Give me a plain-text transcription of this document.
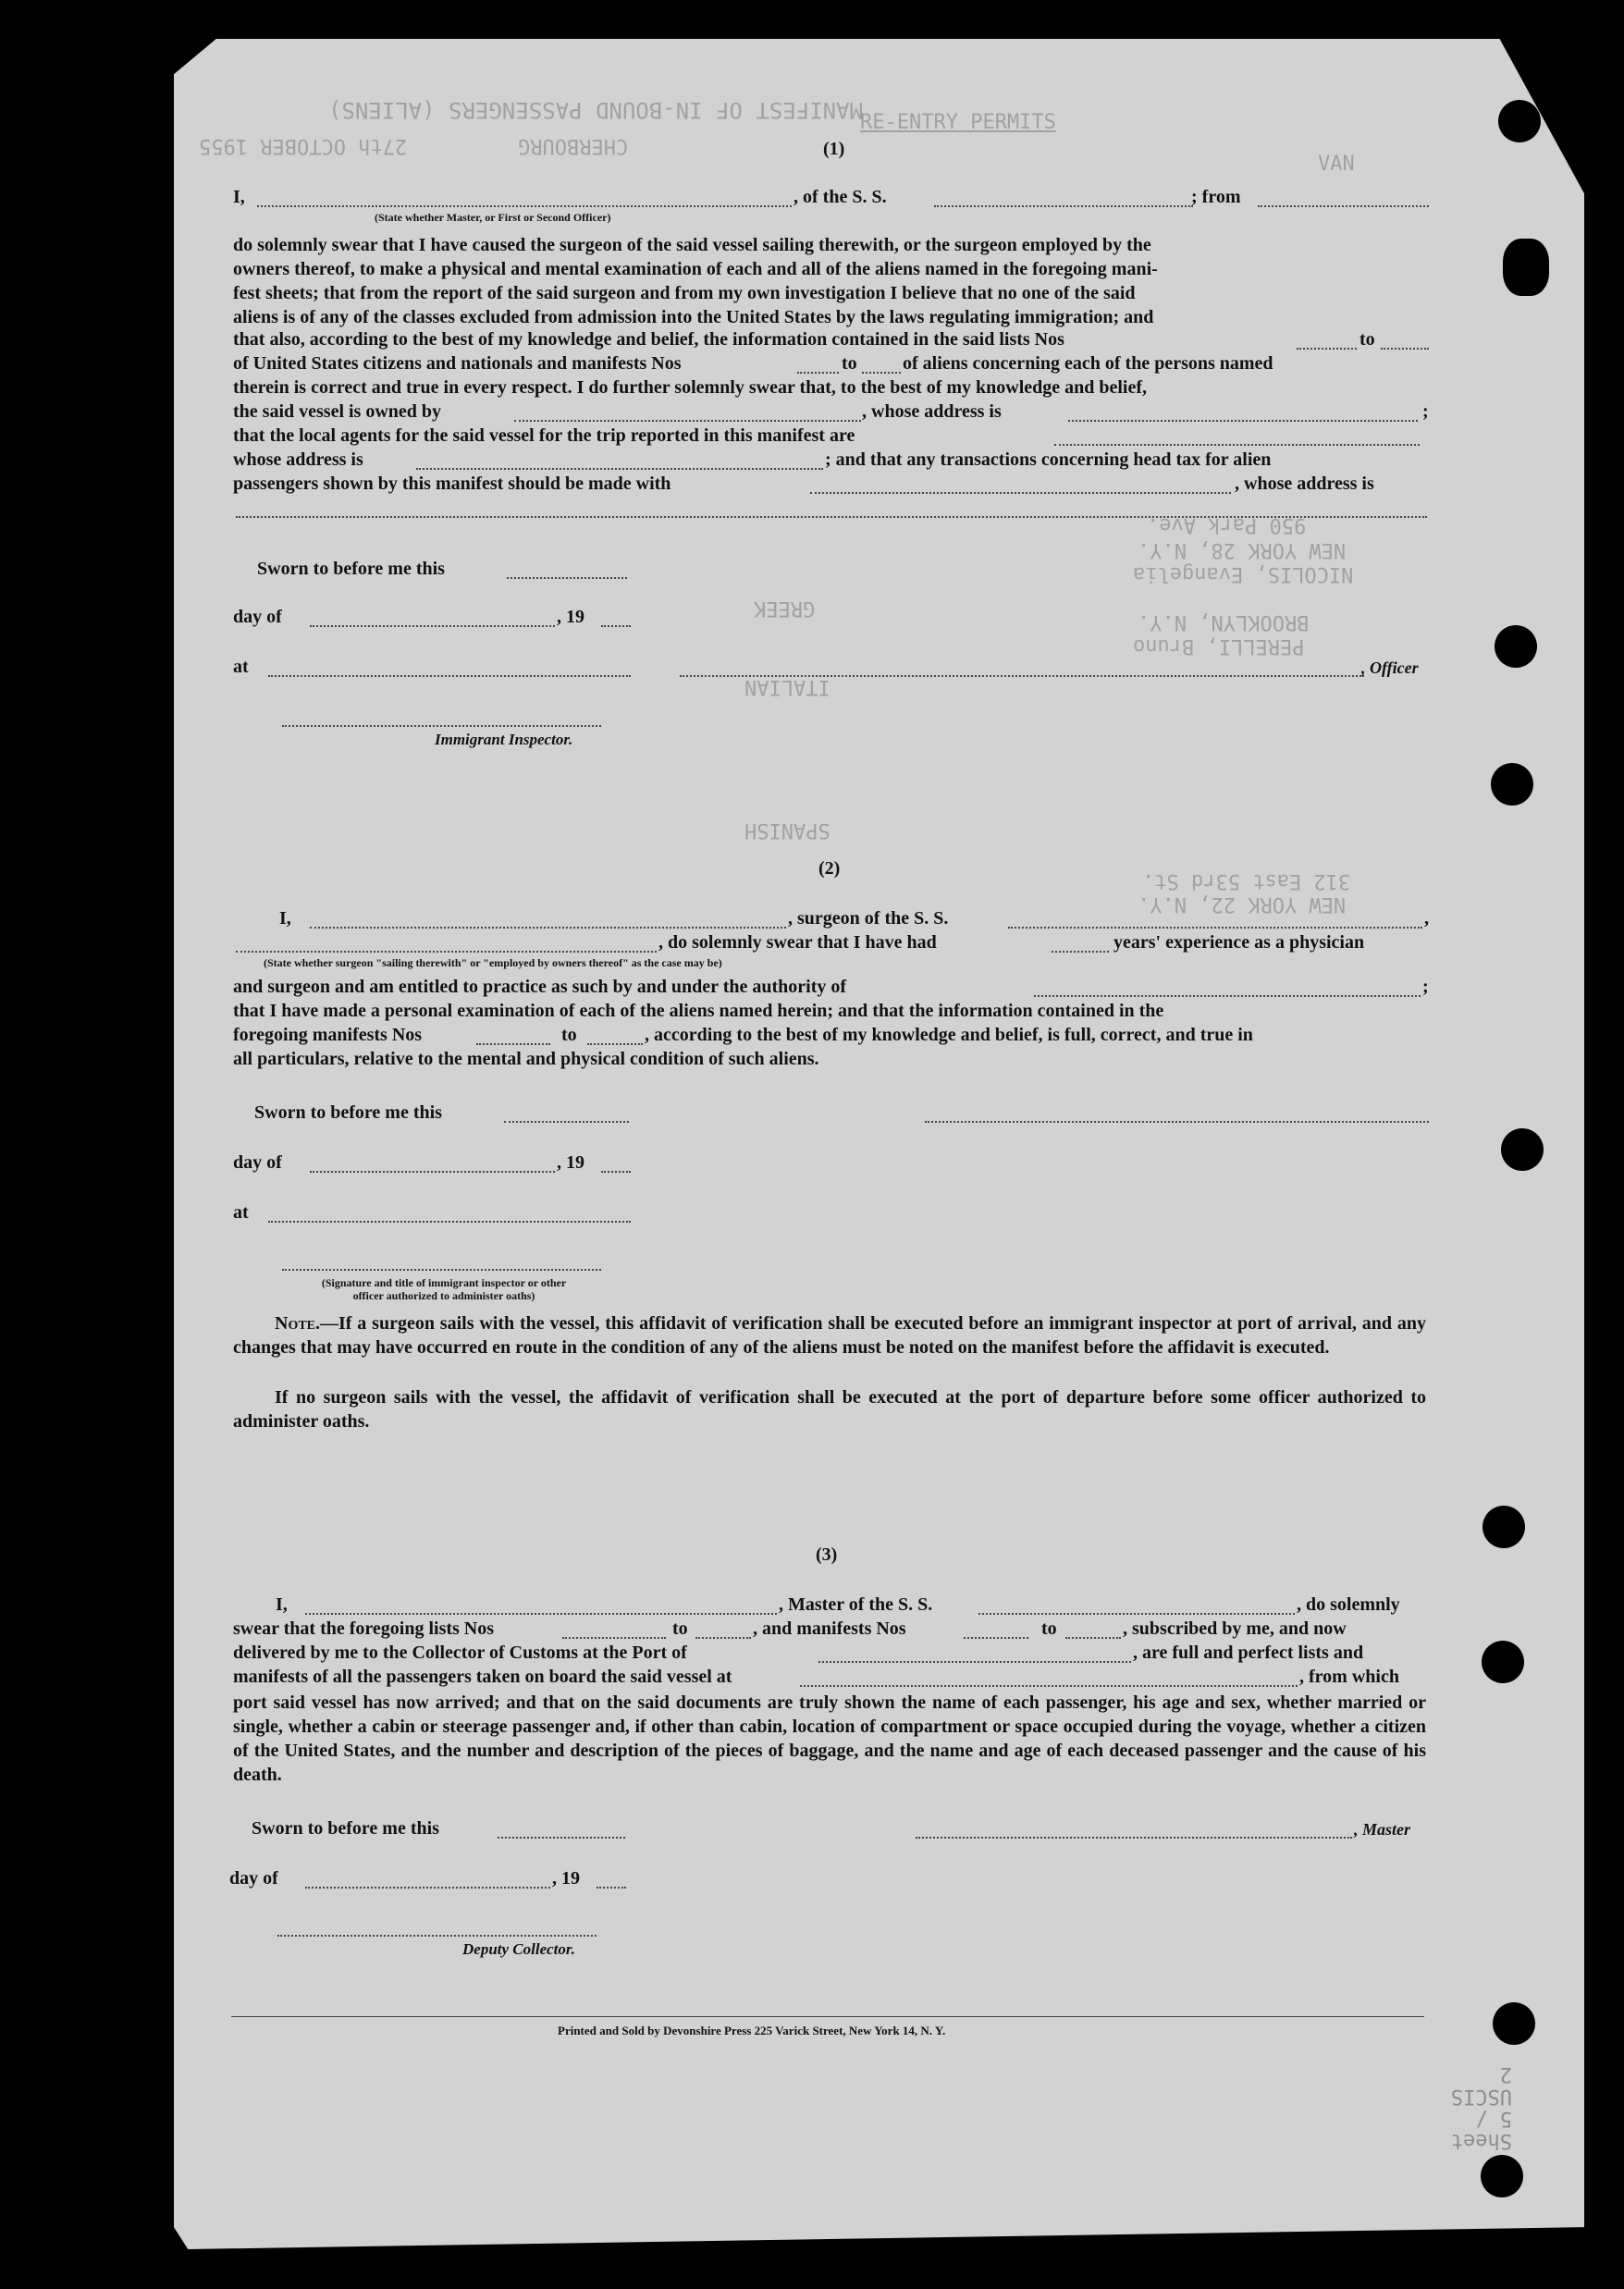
27th OCTOBER 1955	CHERBOURG
MANIFEST OF IN-BOUND PASSENGERS (ALIENS)
RE-ENTRY PERMITS
VAN
950 Park Ave.
NEW YORK 28, N.Y.
NICOLIS, Evangelia
BROOKLYN, N.Y.
PERELLI, Bruno
ITALIAN
GREEK
SPANISH
NEW YORK 22, N.Y.
312 East 53rd St.
(1)
I,	, of the S. S.	; from
(State whether Master, or First or Second Officer)
do solemnly swear that I have caused the surgeon of the said vessel sailing therewith, or the surgeon employed by the
owners thereof, to make a physical and mental examination of each and all of the aliens named in the foregoing mani-
fest sheets; that from the report of the said surgeon and from my own investigation I believe that no one of the said
aliens is of any of the classes excluded from admission into the United States by the laws regulating immigration; and
that also, according to the best of my knowledge and belief, the information contained in the said lists Nos	to
of United States citizens and nationals and manifests Nos	to of aliens concerning each of the persons named
therein is correct and true in every respect. I do further solemnly swear that, to the best of my knowledge and belief,
the said vessel is owned by	, whose address is	;
that the local agents for the said vessel for the trip reported in this manifest are
whose address is	; and that any transactions concerning head tax for alien
passengers shown by this manifest should be made with	, whose address is
Sworn to before me this
day of	, 19
at	, Officer
Immigrant Inspector.
(2)
I,	, surgeon of the S. S.	,
, do solemnly swear that I have had	years' experience as a physician
(State whether surgeon "sailing therewith" or "employed by owners thereof" as the case may be)
and surgeon and am entitled to practice as such by and under the authority of	;
that I have made a personal examination of each of the aliens named herein; and that the information contained in the
foregoing manifests Nos	to	, according to the best of my knowledge and belief, is full, correct, and true in
all particulars, relative to the mental and physical condition of such aliens.
Sworn to before me this
day of	, 19
at
(Signature and title of immigrant inspector or other officer authorized to administer oaths)
Note.—If a surgeon sails with the vessel, this affidavit of verification shall be executed before an immigrant inspector at port of arrival, and any changes that may have occurred en route in the condition of any of the aliens must be noted on the manifest before the affidavit is executed.
If no surgeon sails with the vessel, the affidavit of verification shall be executed at the port of departure before some officer authorized to administer oaths.
(3)
I,	, Master of the S. S.	, do solemnly
swear that the foregoing lists Nos	to	, and manifests Nos	to	, subscribed by me, and now
delivered by me to the Collector of Customs at the Port of	, are full and perfect lists and
manifests of all the passengers taken on board the said vessel at	, from which
port said vessel has now arrived; and that on the said documents are truly shown the name of each passenger, his age and sex, whether married or single, whether a cabin or steerage passenger and, if other than cabin, location of compartment or space occupied during the voyage, whether a citizen of the United States, and the number and description of the pieces of baggage, and the name and age of each deceased passenger and the cause of his death.
Sworn to before me this	, Master
day of	, 19
Deputy Collector.
Printed and Sold by Devonshire Press 225 Varick Street, New York 14, N. Y.
Sheet 5 / USCIS 2
